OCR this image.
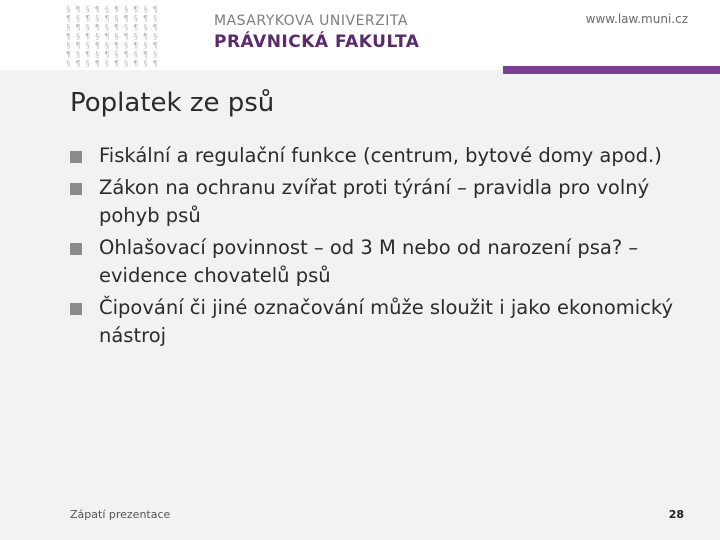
§ ¶ § ¶ § ¶ § ¶ § ¶
¶ § ¶ § ¶ § ¶ § ¶ §
§ ¶ § ¶ § ¶ § ¶ § ¶
¶ § ¶ § ¶ § ¶ § ¶ §
§ ¶ § ¶ § ¶ § ¶ § ¶
¶ § ¶ § ¶ § ¶ § ¶ §
§ ¶ § ¶ § ¶ § ¶ § ¶
MASARYKOVA UNIVERZITA
PRÁVNICKÁ FAKULTA
www.law.muni.cz
Poplatek ze psů
Fiskální a regulační funkce (centrum, bytové domy apod.)
Zákon na ochranu zvířat proti týrání – pravidla pro volný pohyb psů
Ohlašovací povinnost – od 3 M nebo od narození psa? – evidence chovatelů psů
Čipování či jiné označování může sloužit i jako ekonomický nástroj
Zápatí prezentace	28
